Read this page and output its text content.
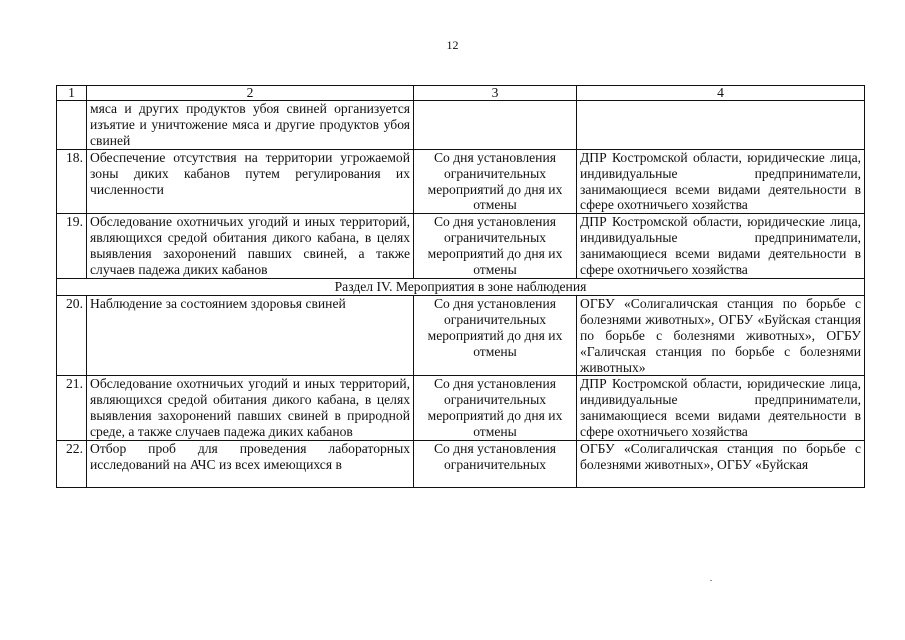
12
1	2	3	4
	мяса и других продуктов убоя свиней организуется изъятие и уничтожение мяса и другие продуктов убоя свиней		
18.	Обеспечение отсутствия на территории угрожаемой зоны диких кабанов путем регулирования их численности	Со дня установления ограничительных мероприятий до дня их отмены	ДПР Костромской области, юридические лица, индивидуальные предприниматели, занимающиеся всеми видами деятельности в сфере охотничьего хозяйства
19.	Обследование охотничьих угодий и иных территорий, являющихся средой обитания дикого кабана, в целях выявления захоронений павших свиней, а также случаев падежа диких кабанов	Со дня установления ограничительных мероприятий до дня их отмены	ДПР Костромской области, юридические лица, индивидуальные предприниматели, занимающиеся всеми видами деятельности в сфере охотничьего хозяйства
Раздел IV. Мероприятия в зоне наблюдения			
20.	Наблюдение за состоянием здоровья свиней	Со дня установления ограничительных мероприятий до дня их отмены	ОГБУ «Солигаличская станция по борьбе с болезнями животных», ОГБУ «Буйская станция по борьбе с болезнями животных», ОГБУ «Галичская станция по борьбе с болезнями животных»
21.	Обследование охотничьих угодий и иных территорий, являющихся средой обитания дикого кабана, в целях выявления захоронений павших свиней в природной среде, а также случаев падежа диких кабанов	Со дня установления ограничительных мероприятий до дня их отмены	ДПР Костромской области, юридические лица, индивидуальные предприниматели, занимающиеся всеми видами деятельности в сфере охотничьего хозяйства
22.	Отбор проб для проведения лабораторных исследований на АЧС из всех имеющихся в	Со дня установления ограничительных	ОГБУ «Солигаличская станция по борьбе с болезнями животных», ОГБУ «Буйская
